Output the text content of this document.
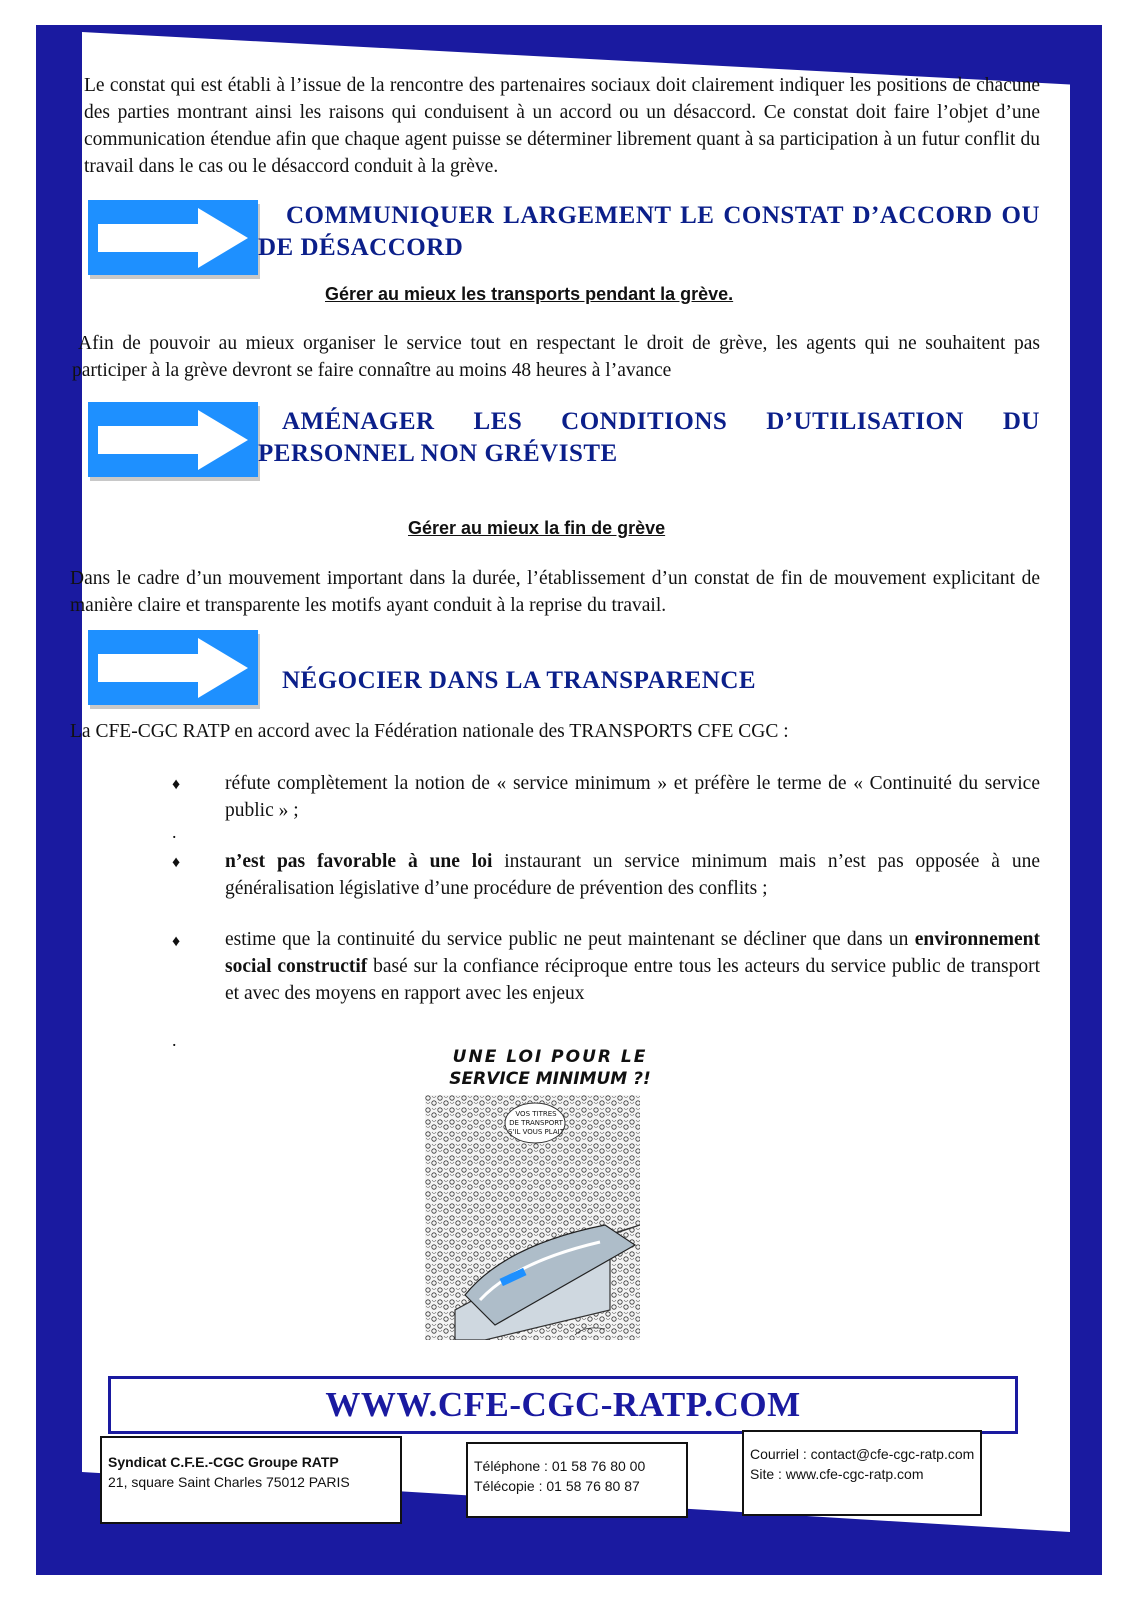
Le constat qui est établi à l’issue de la rencontre des partenaires sociaux doit clairement indiquer les positions de chacune des parties montrant ainsi les raisons qui conduisent à un accord ou un désaccord. Ce constat doit faire l’objet d’une communication étendue afin que chaque agent puisse se déterminer librement quant à sa participation à un futur conflit du travail dans le cas ou le désaccord conduit à la grève.

COMMUNIQUER LARGEMENT LE CONSTAT D’ACCORD OU DE DÉSACCORD

Gérer au mieux les transports pendant la grève.

Afin de pouvoir au mieux organiser le service tout en respectant le droit de grève, les agents qui ne souhaitent pas participer à la grève devront se faire connaître au moins 48 heures à l’avance

AMÉNAGER LES CONDITIONS D’UTILISATION DU PERSONNEL NON GRÉVISTE

Gérer au mieux la fin de grève

Dans le cadre d’un mouvement important dans la durée, l’établissement d’un constat de fin de mouvement explicitant de manière claire et transparente les motifs ayant conduit à la reprise du travail.

NÉGOCIER DANS LA TRANSPARENCE

La CFE-CGC RATP en accord avec la Fédération nationale des TRANSPORTS CFE CGC :

♦ réfute complètement la notion de « service minimum » et préfère le terme de « Continuité du service public » ;

.
♦ n’est pas favorable à une loi instaurant un service minimum mais n’est pas opposée à une généralisation législative d’une procédure de prévention des conflits ;

♦ estime que la continuité du service public ne peut maintenant se décliner que dans un environnement social constructif basé sur la confiance réciproque entre tous les acteurs du service public de transport et avec des moyens en rapport avec les enjeux

.
UNE LOI POUR LE
SERVICE MINIMUM ?!
VOS TITRES
DE TRANSPORT
S'IL VOUS PLAIT
WWW.CFE-CGC-RATP.COM
Syndicat C.F.E.-CGC Groupe RATP
21, square Saint Charles 75012 PARIS
Téléphone : 01 58 76 80 00
Télécopie : 01 58 76 80 87
Courriel : contact@cfe-cgc-ratp.com
Site : www.cfe-cgc-ratp.com
